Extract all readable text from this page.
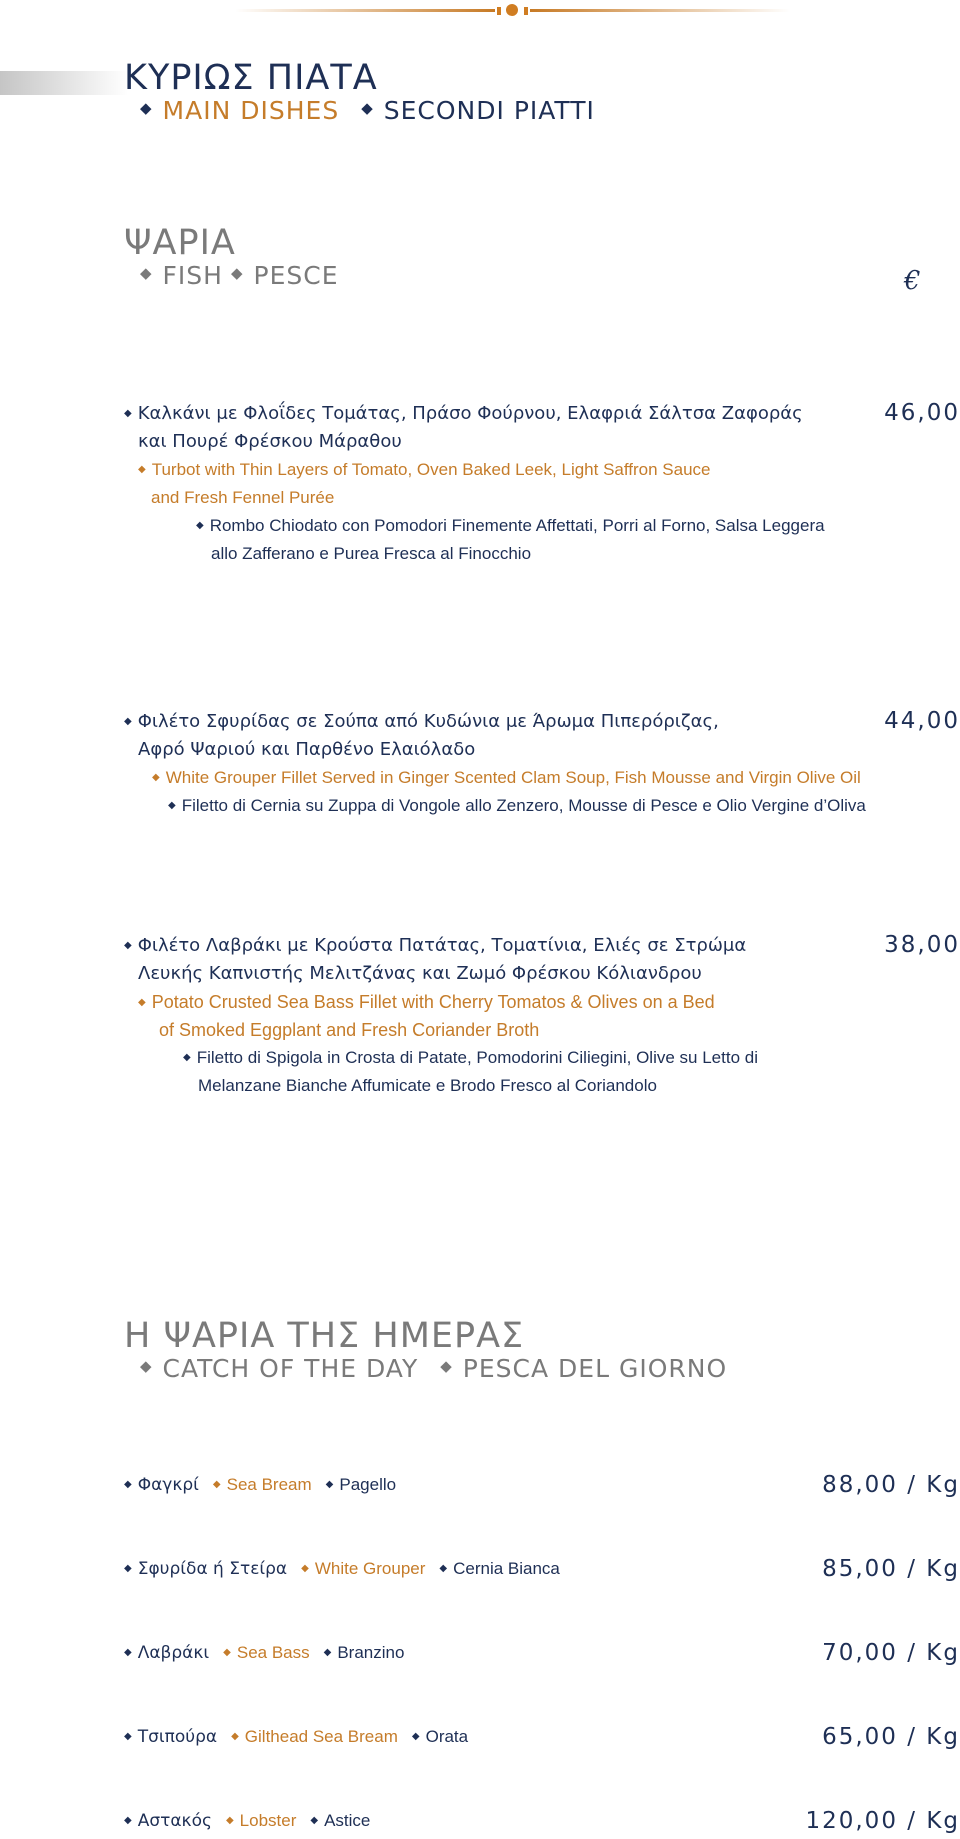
ΚΥΡΙΩΣ ΠΙΑΤΑ
◆ MAIN DISHES ◆ SECONDI PIATTI
ΨΑΡΙΑ
◆ FISH ◆ PESCE	€
◆ Καλκάνι με Φλοΐδες Τομάτας, Πράσο Φούρνου, Ελαφριά Σάλτσα Ζαφοράς
και Πουρέ Φρέσκου Μάραθου
◆ Turbot with Thin Layers of Tomato, Oven Baked Leek, Light Saffron Sauce
and Fresh Fennel Purée
◆ Rombo Chiodato con Pomodori Finemente Affettati, Porri al Forno, Salsa Leggera
allo Zafferano e Purea Fresca al Finocchio
46,00
◆ Φιλέτο Σφυρίδας σε Σούπα από Κυδώνια με Άρωμα Πιπερόριζας,
Αφρό Ψαριού και Παρθένο Ελαιόλαδο
◆ White Grouper Fillet Served in Ginger Scented Clam Soup, Fish Mousse and Virgin Olive Oil
◆ Filetto di Cernia su Zuppa di Vongole allo Zenzero, Mousse di Pesce e Olio Vergine d’Oliva
44,00
◆ Φιλέτο Λαβράκι με Κρούστα Πατάτας, Τοματίνια, Ελιές σε Στρώμα
Λευκής Καπνιστής Μελιτζάνας και Ζωμό Φρέσκου Κόλιανδρου
◆ Potato Crusted Sea Bass Fillet with Cherry Tomatos & Olives on a Bed
of Smoked Eggplant and Fresh Coriander Broth
◆ Filetto di Spigola in Crosta di Patate, Pomodorini Ciliegini, Olive su Letto di
Melanzane Bianche Affumicate e Brodo Fresco al Coriandolo
38,00
Η ΨΑΡΙΑ ΤΗΣ ΗΜΕΡΑΣ
◆ CATCH OF THE DAY ◆ PESCA DEL GIORNO
◆ Φαγκρί ◆ Sea Bream ◆ Pagello	88,00 / Kg
◆ Σφυρίδα ή Στείρα ◆ White Grouper ◆ Cernia Bianca	85,00 / Kg
◆ Λαβράκι ◆ Sea Bass ◆ Branzino	70,00 / Kg
◆ Τσιπούρα ◆ Gilthead Sea Bream ◆ Orata	65,00 / Kg
◆ Αστακός ◆ Lobster ◆ Astice	120,00 / Kg
